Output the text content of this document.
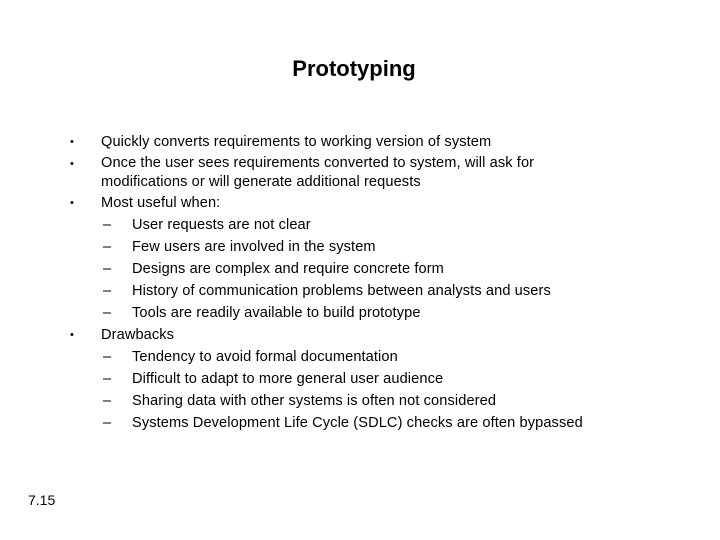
Prototyping
•	Quickly converts requirements to working version of system
•	Once the user sees requirements converted to system, will ask for modifications or will generate additional requests
•	Most useful when:
– User requests are not clear
– Few users are involved in the system
– Designs are complex and require concrete form
– History of communication problems between analysts and users
– Tools are readily available to build prototype
•	Drawbacks
– Tendency to avoid formal documentation
– Difficult to adapt to more general user audience
– Sharing data with other systems is often not considered
– Systems Development Life Cycle (SDLC) checks are often bypassed
7.15
